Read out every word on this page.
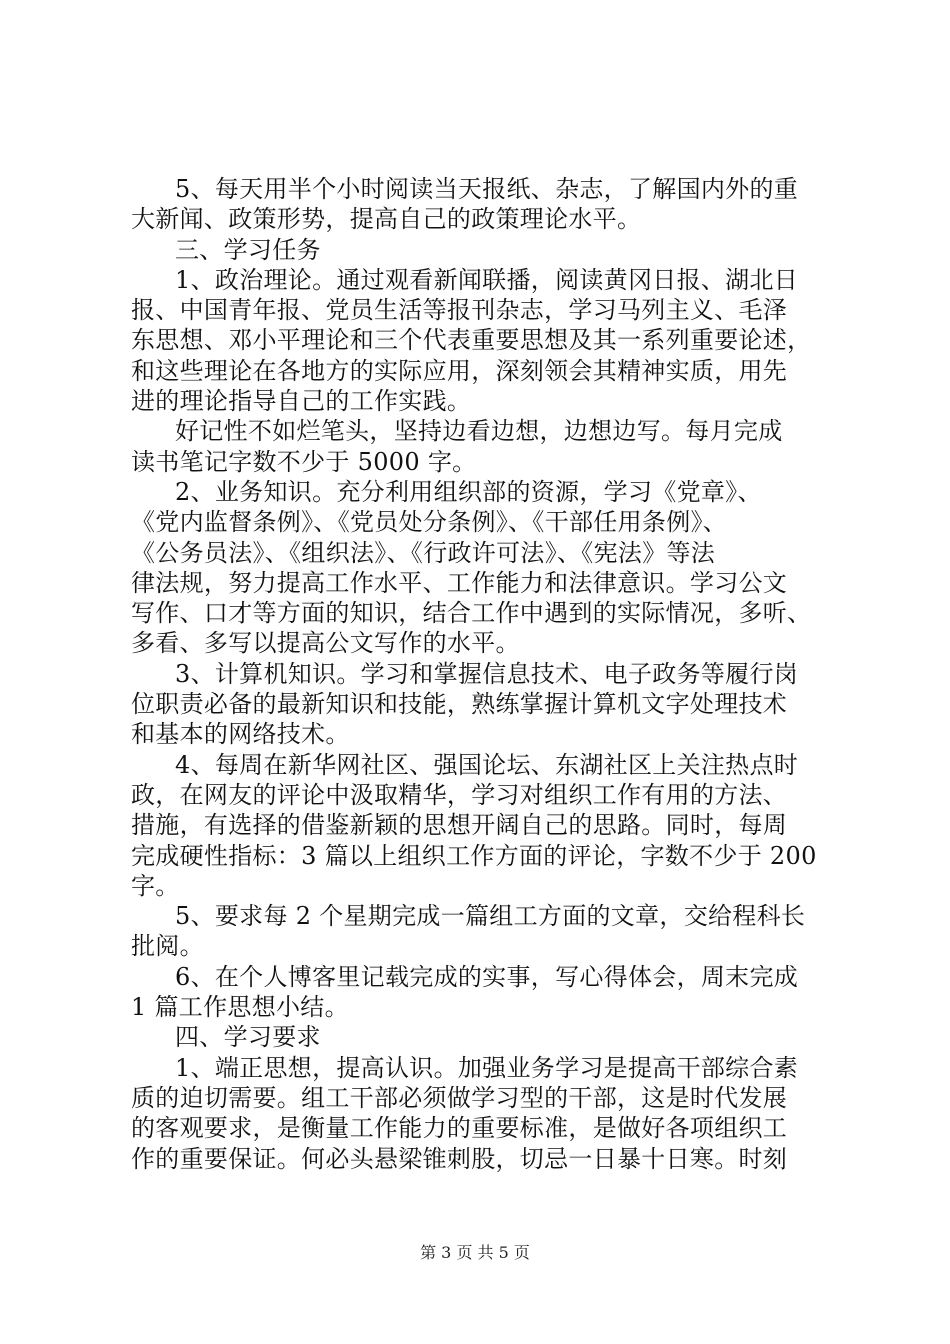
5、每天用半个小时阅读当天报纸、杂志，了解国内外的重
大新闻、政策形势，提高自己的政策理论水平。
三、学习任务
1、政治理论。通过观看新闻联播，阅读黄冈日报、湖北日
报、中国青年报、党员生活等报刊杂志，学习马列主义、毛泽
东思想、邓小平理论和三个代表重要思想及其一系列重要论述，
和这些理论在各地方的实际应用，深刻领会其精神实质，用先
进的理论指导自己的工作实践。
好记性不如烂笔头，坚持边看边想，边想边写。每月完成
读书笔记字数不少于 5000 字。
2、业务知识。充分利用组织部的资源，学习《党章》、
《党内监督条例》、《党员处分条例》、《干部任用条例》、
《公务员法》、《组织法》、《行政许可法》、《宪法》等法
律法规，努力提高工作水平、工作能力和法律意识。学习公文
写作、口才等方面的知识，结合工作中遇到的实际情况，多听、
多看、多写以提高公文写作的水平。
3、计算机知识。学习和掌握信息技术、电子政务等履行岗
位职责必备的最新知识和技能，熟练掌握计算机文字处理技术
和基本的网络技术。
4、每周在新华网社区、强国论坛、东湖社区上关注热点时
政，在网友的评论中汲取精华，学习对组织工作有用的方法、
措施，有选择的借鉴新颖的思想开阔自己的思路。同时，每周
完成硬性指标：3 篇以上组织工作方面的评论，字数不少于 200
字。
5、要求每 2 个星期完成一篇组工方面的文章，交给程科长
批阅。
6、在个人博客里记载完成的实事，写心得体会，周末完成
1 篇工作思想小结。
四、学习要求
1、端正思想，提高认识。加强业务学习是提高干部综合素
质的迫切需要。组工干部必须做学习型的干部，这是时代发展
的客观要求，是衡量工作能力的重要标准，是做好各项组织工
作的重要保证。何必头悬梁锥刺股，切忌一日暴十日寒。时刻
第 3 页 共 5 页
